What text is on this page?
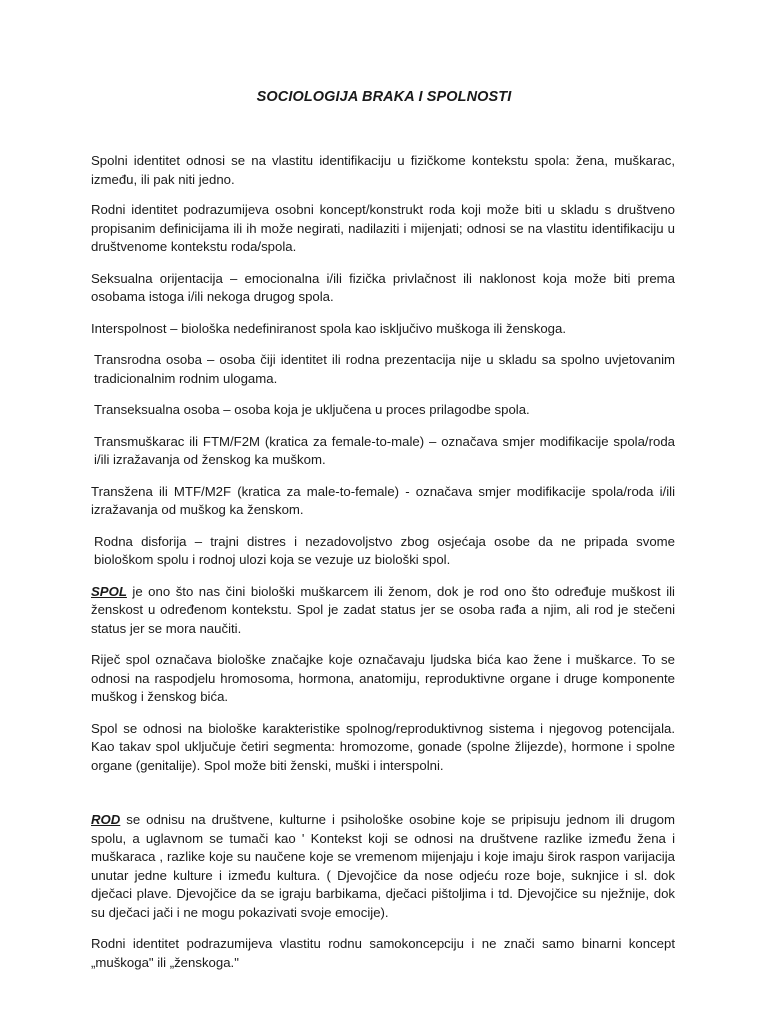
SOCIOLOGIJA BRAKA I SPOLNOSTI

Spolni identitet odnosi se na vlastitu identifikaciju u fizičkome kontekstu spola: žena, muškarac, između, ili pak niti jedno.

Rodni identitet podrazumijeva osobni koncept/konstrukt roda koji može biti u skladu s društveno propisanim definicijama ili ih može negirati, nadilaziti i mijenjati; odnosi se na vlastitu identifikaciju u društvenome kontekstu roda/spola.

Seksualna orijentacija – emocionalna i/ili fizička privlačnost ili naklonost koja može biti prema osobama istoga i/ili nekoga drugog spola.

Interspolnost – biološka nedefiniranost spola kao isključivo muškoga ili ženskoga.

Transrodna osoba – osoba čiji identitet ili rodna prezentacija nije u skladu sa spolno uvjetovanim tradicionalnim rodnim ulogama.

Transeksualna osoba – osoba koja je uključena u proces prilagodbe spola.

Transmuškarac ili FTM/F2M (kratica za female-to-male) – označava smjer modifikacije spola/roda i/ili izražavanja od ženskog ka muškom.

Transžena ili MTF/M2F (kratica za male-to-female) - označava smjer modifikacije spola/roda i/ili izražavanja od muškog ka ženskom.

Rodna disforija – trajni distres i nezadovoljstvo zbog osjećaja osobe da ne pripada svome biološkom spolu i rodnoj ulozi koja se vezuje uz biološki spol.

SPOL je ono što nas čini biološki muškarcem ili ženom, dok je rod ono što određuje muškost ili ženskost u određenom kontekstu. Spol je zadat status jer se osoba rađa a njim, ali rod je stečeni status jer se mora naučiti.

Riječ spol označava biološke značajke koje označavaju ljudska bića kao žene i muškarce. To se odnosi na raspodjelu hromosoma, hormona, anatomiju, reproduktivne organe i druge komponente muškog i ženskog bića.

Spol se odnosi na biološke karakteristike spolnog/reproduktivnog sistema i njegovog potencijala. Kao takav spol uključuje četiri segmenta: hromozome, gonade (spolne žlijezde), hormone i spolne organe (genitalije). Spol može biti ženski, muški i interspolni.

ROD se odnisu na društvene, kulturne i psihološke osobine koje se pripisuju jednom ili drugom spolu, a uglavnom se tumači kao ' Kontekst koji se odnosi na društvene razlike između žena i muškaraca , razlike koje su naučene koje se vremenom mijenjaju i koje imaju širok raspon varijacija unutar jedne kulture i između kultura. ( Djevojčice da nose odjeću roze boje, suknjice i sl. dok dječaci plave. Djevojčice da se igraju barbikama, dječaci pištoljima i td. Djevojčice su nježnije, dok su dječaci jači i ne mogu pokazivati svoje emocije).

Rodni identitet podrazumijeva vlastitu rodnu samokoncepciju i ne znači samo binarni koncept „muškoga" ili „ženskoga."
